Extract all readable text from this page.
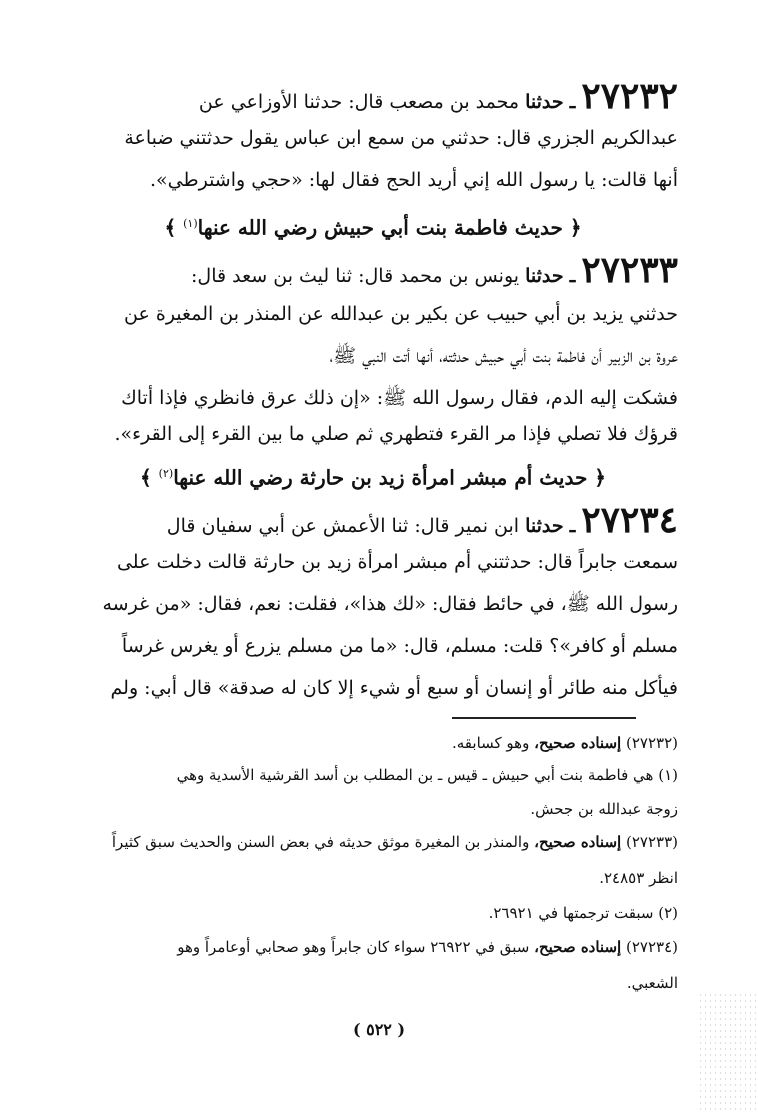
٢٧٢٣٢ ـ حدثنا محمد بن مصعب قال: حدثنا الأوزاعي عن
عبدالكريم الجزري قال: حدثني من سمع ابن عباس يقول حدثتني ضباعة
أنها قالت: يا رسول الله إني أريد الحج فقال لها: «حجي واشترطي».
﴿ حديث فاطمة بنت أبي حبيش رضي الله عنها$^{(١)}$ ﴾
٢٧٢٣٣ ـ حدثنا يونس بن محمد قال: ثنا ليث بن سعد قال:
حدثني يزيد بن أبي حبيب عن بكير بن عبدالله عن المنذر بن المغيرة عن
عروة بن الزبير أن فاطمة بنت أبي حبيش حدثته، أنها أتت النبي ﷺ،
فشكت إليه الدم، فقال رسول الله ﷺ: «إن ذلك عرق فانظري فإذا أتاك
قرؤك فلا تصلي فإذا مر القرء فتطهري ثم صلي ما بين القرء إلى القرء».
﴿ حديث أم مبشر امرأة زيد بن حارثة رضي الله عنها$^{(٢)}$ ﴾
٢٧٢٣٤ ـ حدثنا ابن نمير قال: ثنا الأعمش عن أبي سفيان قال
سمعت جابراً قال: حدثتني أم مبشر امرأة زيد بن حارثة قالت دخلت على
رسول الله ﷺ، في حائط فقال: «لك هذا»، فقلت: نعم، فقال: «من غرسه
مسلم أو كافر»؟ قلت: مسلم، قال: «ما من مسلم يزرع أو يغرس غرساً
فيأكل منه طائر أو إنسان أو سبع أو شيء إلا كان له صدقة» قال أبي: ولم
(٢٧٢٣٢) إسناده صحيح، وهو كسابقه.
(١) هي فاطمة بنت أبي حبيش ـ قيس ـ بن المطلب بن أسد القرشية الأسدية وهي
زوجة عبدالله بن جحش.
(٢٧٢٣٣) إسناده صحيح، والمنذر بن المغيرة موثق حديثه في بعض السنن والحديث سبق كثيراً
انظر ٢٤٨٥٣.
(٢) سبقت ترجمتها في ٢٦٩٢١.
(٢٧٢٣٤) إسناده صحيح، سبق في ٢٦٩٢٢ سواء كان جابراً وهو صحابي أوعامراً وهو
الشعبي.
( ٥٢٢ )
